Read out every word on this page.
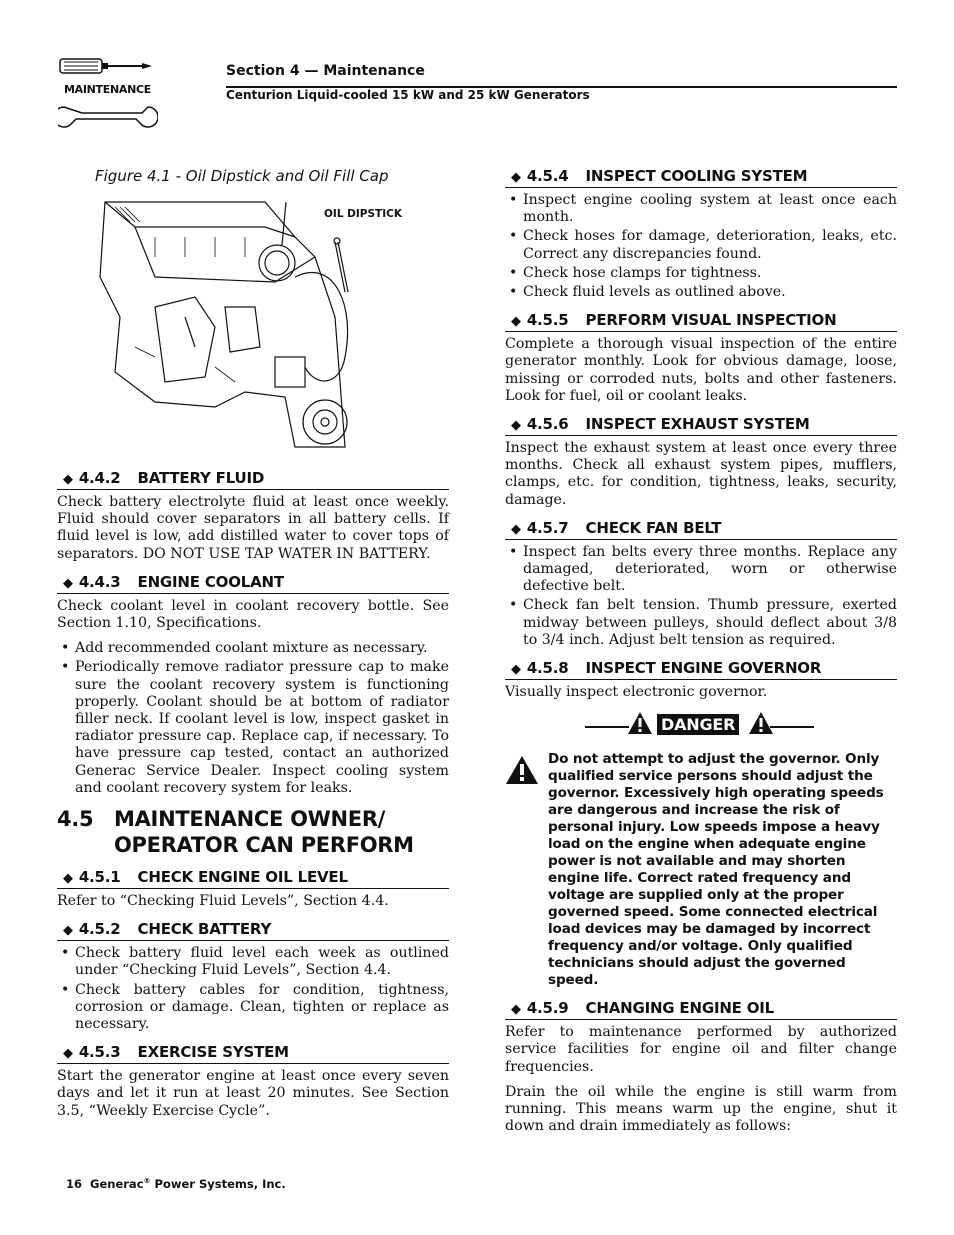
MAINTENANCE
Section 4 — Maintenance
Centurion Liquid-cooled 15 kW and 25 kW Generators
Figure 4.1 - Oil Dipstick and Oil Fill Cap
OIL DIPSTICK
◆ 4.4.2 BATTERY FLUID
Check battery electrolyte fluid at least once weekly. Fluid should cover separators in all battery cells. If fluid level is low, add distilled water to cover tops of separators. DO NOT USE TAP WATER IN BATTERY.
◆ 4.4.3 ENGINE COOLANT
Check coolant level in coolant recovery bottle. See Section 1.10, Specifications.
• Add recommended coolant mixture as necessary.
• Periodically remove radiator pressure cap to make sure the coolant recovery system is functioning properly. Coolant should be at bottom of radiator filler neck. If coolant level is low, inspect gasket in radiator pressure cap. Replace cap, if necessary. To have pressure cap tested, contact an authorized Generac Service Dealer. Inspect cooling system and coolant recovery system for leaks.
4.5 MAINTENANCE OWNER/
OPERATOR CAN PERFORM
◆ 4.5.1 CHECK ENGINE OIL LEVEL
Refer to “Checking Fluid Levels”, Section 4.4.
◆ 4.5.2 CHECK BATTERY
• Check battery fluid level each week as outlined under “Checking Fluid Levels”, Section 4.4.
• Check battery cables for condition, tightness, corrosion or damage. Clean, tighten or replace as necessary.
◆ 4.5.3 EXERCISE SYSTEM
Start the generator engine at least once every seven days and let it run at least 20 minutes. See Section 3.5, “Weekly Exercise Cycle”.
◆ 4.5.4 INSPECT COOLING SYSTEM
• Inspect engine cooling system at least once each month.
• Check hoses for damage, deterioration, leaks, etc. Correct any discrepancies found.
• Check hose clamps for tightness.
• Check fluid levels as outlined above.
◆ 4.5.5 PERFORM VISUAL INSPECTION
Complete a thorough visual inspection of the entire generator monthly. Look for obvious damage, loose, missing or corroded nuts, bolts and other fasteners. Look for fuel, oil or coolant leaks.
◆ 4.5.6 INSPECT EXHAUST SYSTEM
Inspect the exhaust system at least once every three months. Check all exhaust system pipes, mufflers, clamps, etc. for condition, tightness, leaks, security, damage.
◆ 4.5.7 CHECK FAN BELT
• Inspect fan belts every three months. Replace any damaged, deteriorated, worn or otherwise defective belt.
• Check fan belt tension. Thumb pressure, exerted midway between pulleys, should deflect about 3/8 to 3/4 inch. Adjust belt tension as required.
◆ 4.5.8 INSPECT ENGINE GOVERNOR
Visually inspect electronic governor.
DANGER
Do not attempt to adjust the governor. Only qualified service persons should adjust the governor. Excessively high operating speeds are dangerous and increase the risk of personal injury. Low speeds impose a heavy load on the engine when adequate engine power is not available and may shorten engine life. Correct rated frequency and voltage are supplied only at the proper governed speed. Some connected electrical load devices may be damaged by incorrect frequency and/or voltage. Only qualified technicians should adjust the governed speed.
◆ 4.5.9 CHANGING ENGINE OIL
Refer to maintenance performed by authorized service facilities for engine oil and filter change frequencies.
Drain the oil while the engine is still warm from running. This means warm up the engine, shut it down and drain immediately as follows:
16 Generac® Power Systems, Inc.
